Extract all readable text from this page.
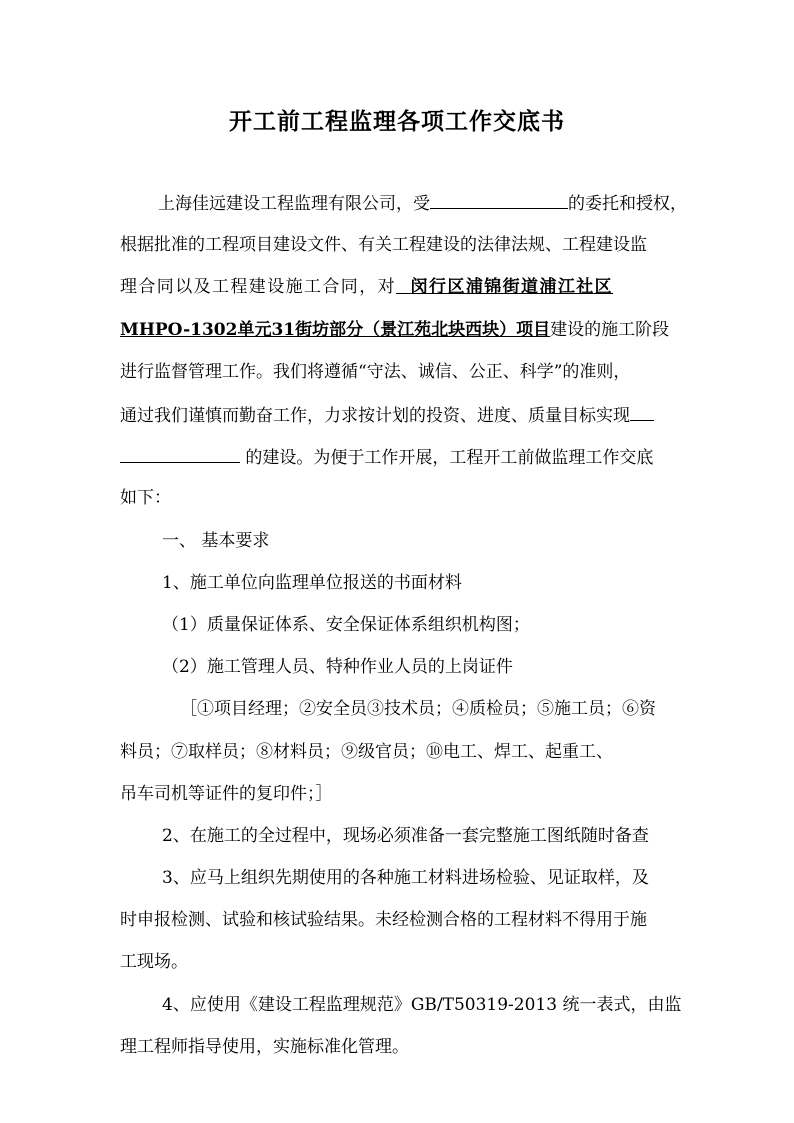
开工前工程监理各项工作交底书
上海佳远建设工程监理有限公司，受	的委托和授权，
根据批准的工程项目建设文件、有关工程建设的法律法规、工程建设监
理合同以及工程建设施工合同，对 闵行区浦锦街道浦江社区
MHPO-1302单元31街坊部分（景江苑北块西块）项目建设的施工阶段
进行监督管理工作。我们将遵循“守法、诚信、公正、科学”的准则，
通过我们谨慎而勤奋工作，力求按计划的投资、进度、质量目标实现
的建设。为便于工作开展，工程开工前做监理工作交底
如下：
一、 基本要求
1、施工单位向监理单位报送的书面材料
（1）质量保证体系、安全保证体系组织机构图；
（2）施工管理人员、特种作业人员的上岗证件
［①项目经理；②安全员③技术员；④质检员；⑤施工员；⑥资
料员；⑦取样员；⑧材料员；⑨级官员；⑩电工、焊工、起重工、
吊车司机等证件的复印件；］
2、在施工的全过程中，现场必须准备一套完整施工图纸随时备查
3、应马上组织先期使用的各种施工材料进场检验、见证取样，及
时申报检测、试验和核试验结果。未经检测合格的工程材料不得用于施
工现场。
4、应使用《建设工程监理规范》GB/T50319-2013 统一表式，由监
理工程师指导使用，实施标准化管理。
